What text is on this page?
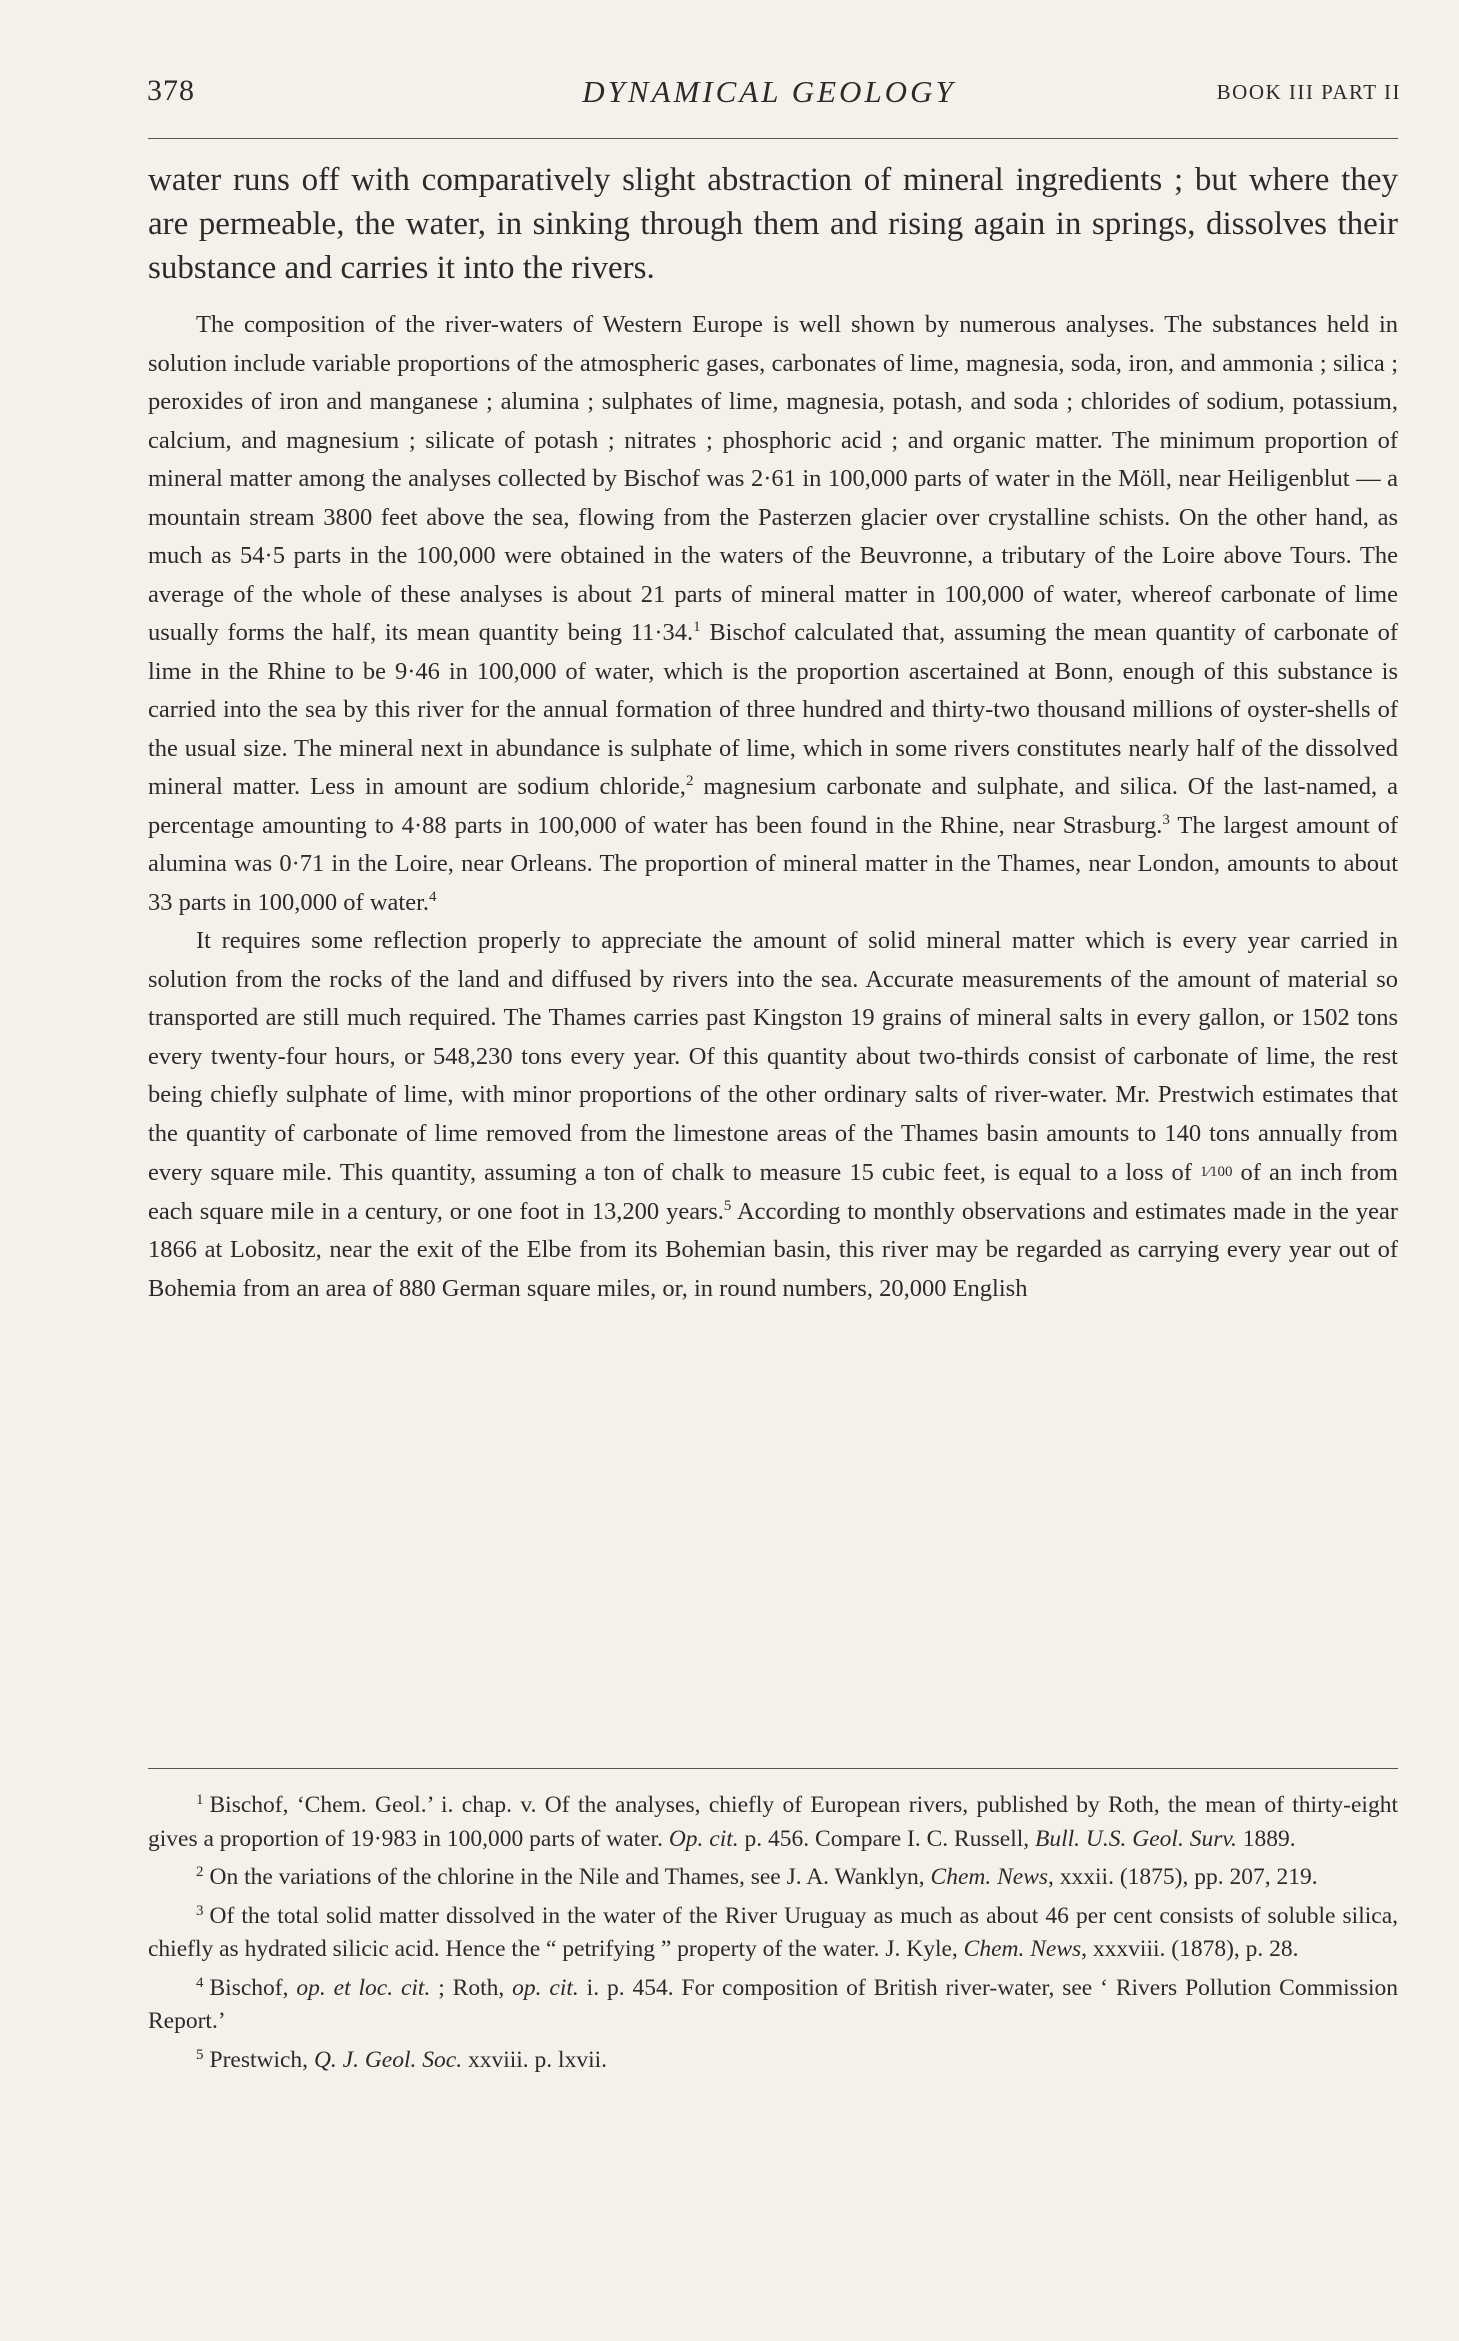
378	DYNAMICAL GEOLOGY	BOOK III PART II

water runs off with comparatively slight abstraction of mineral ingredients ; but where they are permeable, the water, in sinking through them and rising again in springs, dissolves their substance and carries it into the rivers.

The composition of the river-waters of Western Europe is well shown by numerous analyses. The substances held in solution include variable proportions of the atmospheric gases, carbonates of lime, magnesia, soda, iron, and ammonia ; silica ; peroxides of iron and manganese ; alumina ; sulphates of lime, magnesia, potash, and soda ; chlorides of sodium, potassium, calcium, and magnesium ; silicate of potash ; nitrates ; phosphoric acid ; and organic matter. The minimum proportion of mineral matter among the analyses collected by Bischof was 2·61 in 100,000 parts of water in the Möll, near Heiligenblut — a mountain stream 3800 feet above the sea, flowing from the Pasterzen glacier over crystalline schists. On the other hand, as much as 54·5 parts in the 100,000 were obtained in the waters of the Beuvronne, a tributary of the Loire above Tours. The average of the whole of these analyses is about 21 parts of mineral matter in 100,000 of water, whereof carbonate of lime usually forms the half, its mean quantity being 11·34.$^1$ Bischof calculated that, assuming the mean quantity of carbonate of lime in the Rhine to be 9·46 in 100,000 of water, which is the proportion ascertained at Bonn, enough of this substance is carried into the sea by this river for the annual formation of three hundred and thirty-two thousand millions of oyster-shells of the usual size. The mineral next in abundance is sulphate of lime, which in some rivers constitutes nearly half of the dissolved mineral matter. Less in amount are sodium chloride,$^2$ magnesium carbonate and sulphate, and silica. Of the last-named, a percentage amounting to 4·88 parts in 100,000 of water has been found in the Rhine, near Strasburg.$^3$ The largest amount of alumina was 0·71 in the Loire, near Orleans. The proportion of mineral matter in the Thames, near London, amounts to about 33 parts in 100,000 of water.$^4$

It requires some reflection properly to appreciate the amount of solid mineral matter which is every year carried in solution from the rocks of the land and diffused by rivers into the sea. Accurate measurements of the amount of material so transported are still much required. The Thames carries past Kingston 19 grains of mineral salts in every gallon, or 1502 tons every twenty-four hours, or 548,230 tons every year. Of this quantity about two-thirds consist of carbonate of lime, the rest being chiefly sulphate of lime, with minor proportions of the other ordinary salts of river-water. Mr. Prestwich estimates that the quantity of carbonate of lime removed from the limestone areas of the Thames basin amounts to 140 tons annually from every square mile. This quantity, assuming a ton of chalk to measure 15 cubic feet, is equal to a loss of 1⁄100 of an inch from each square mile in a century, or one foot in 13,200 years.$^5$ According to monthly observations and estimates made in the year 1866 at Lobositz, near the exit of the Elbe from its Bohemian basin, this river may be regarded as carrying every year out of Bohemia from an area of 880 German square miles, or, in round numbers, 20,000 English

$^1$ Bischof, ‘Chem. Geol.’ i. chap. v. Of the analyses, chiefly of European rivers, published by Roth, the mean of thirty-eight gives a proportion of 19·983 in 100,000 parts of water. Op. cit. p. 456. Compare I. C. Russell, Bull. U.S. Geol. Surv. 1889.

$^2$ On the variations of the chlorine in the Nile and Thames, see J. A. Wanklyn, Chem. News, xxxii. (1875), pp. 207, 219.

$^3$ Of the total solid matter dissolved in the water of the River Uruguay as much as about 46 per cent consists of soluble silica, chiefly as hydrated silicic acid. Hence the “ petrifying ” property of the water. J. Kyle, Chem. News, xxxviii. (1878), p. 28.

$^4$ Bischof, op. et loc. cit. ; Roth, op. cit. i. p. 454. For composition of British river-water, see ‘ Rivers Pollution Commission Report.’

$^5$ Prestwich, Q. J. Geol. Soc. xxviii. p. lxvii.
